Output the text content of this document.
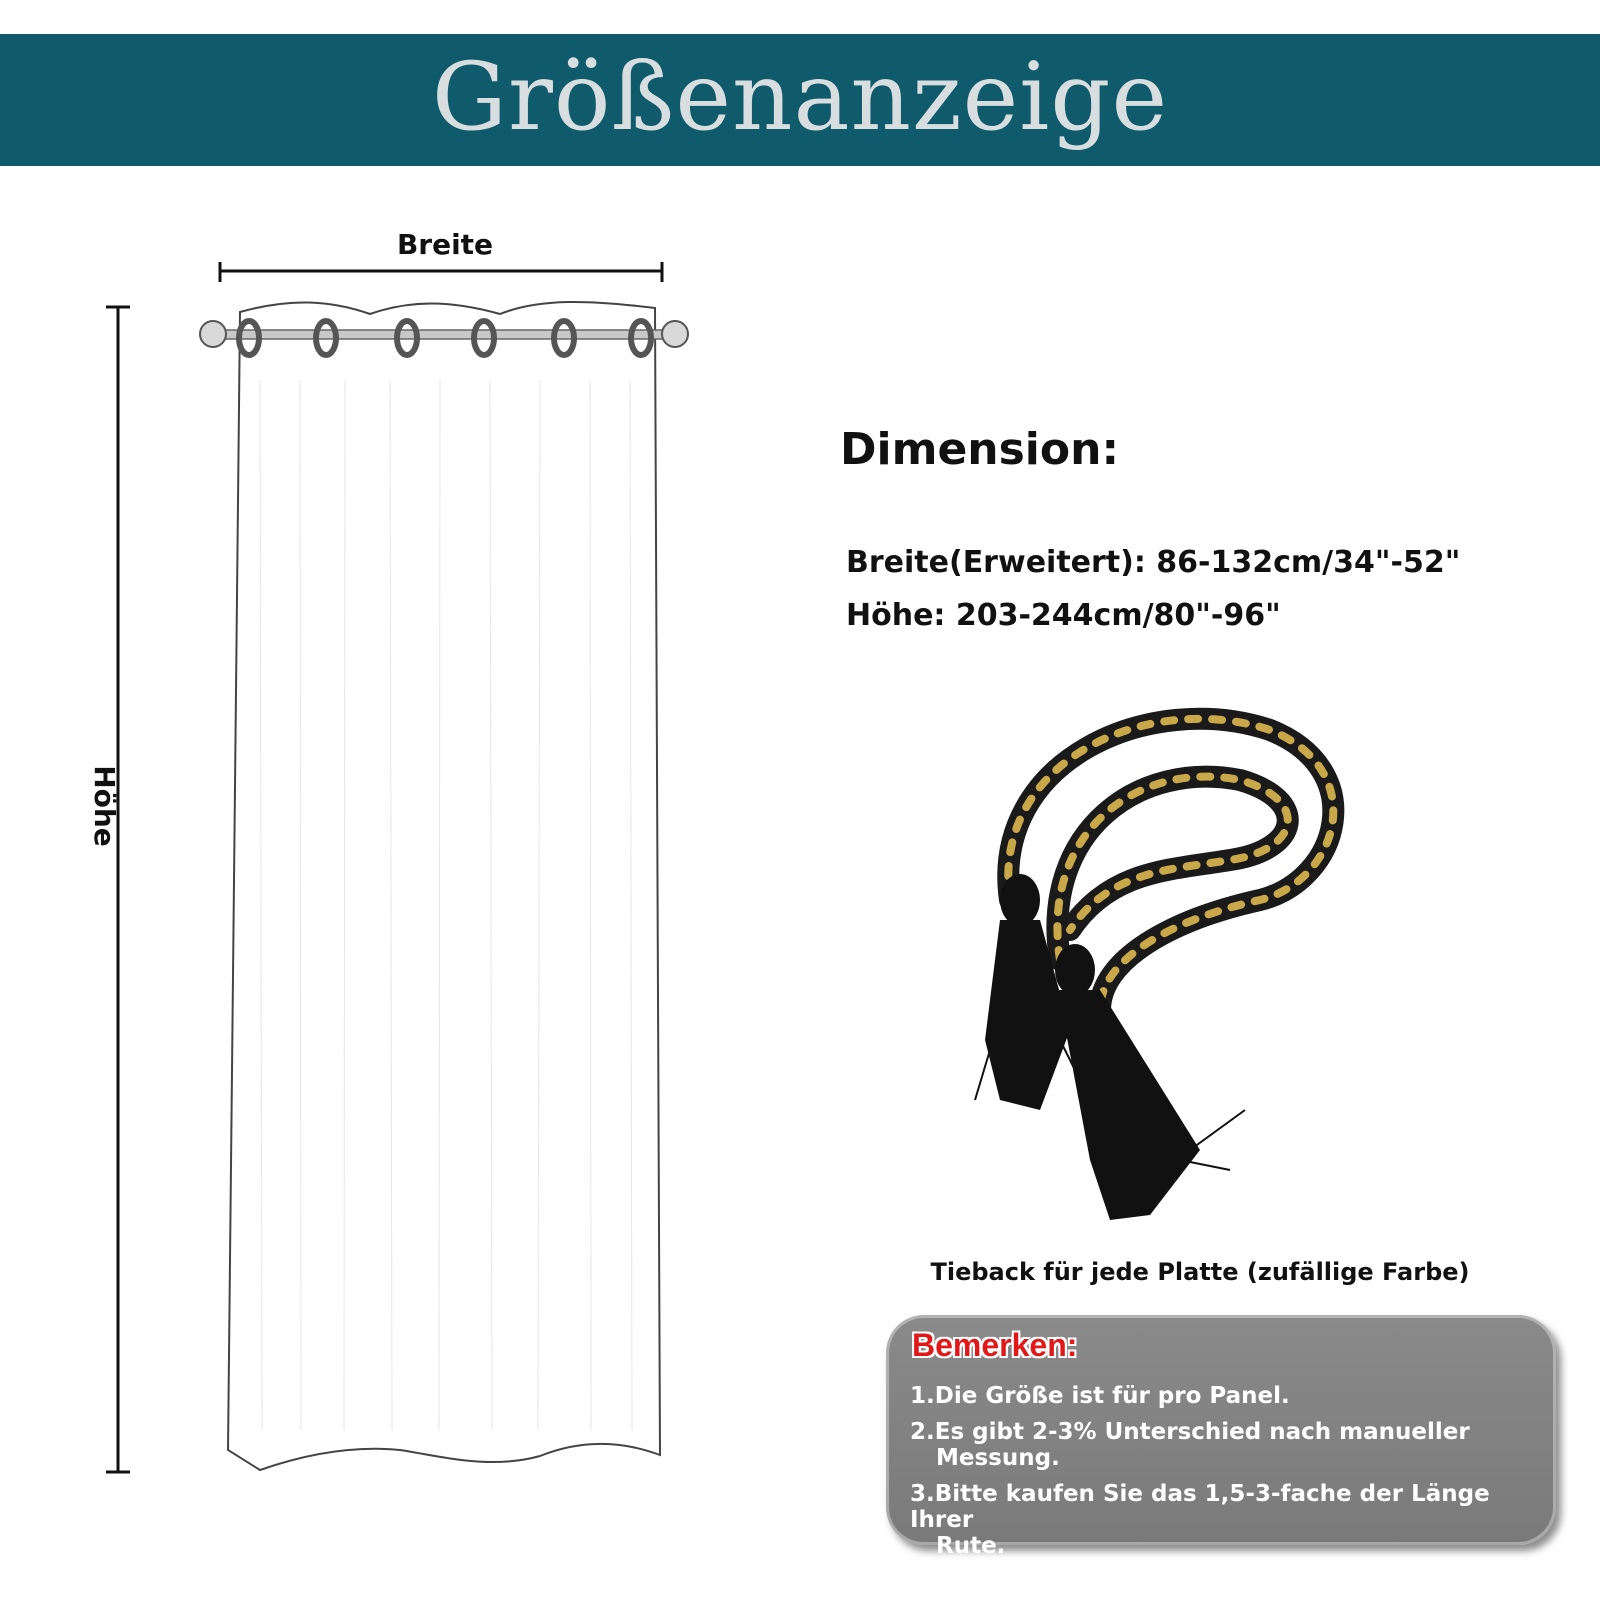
Größenanzeige
Breite
Höhe
Dimension:
Breite(Erweitert): 86-132cm/34"-52"
Höhe: 203-244cm/80"-96"
Tieback für jede Platte (zufällige Farbe)
Bemerken:
1.Die Größe ist für pro Panel.
2.Es gibt 2-3% Unterschied nach manueller
Messung.
3.Bitte kaufen Sie das 1,5-3-fache der Länge Ihrer
Rute.
